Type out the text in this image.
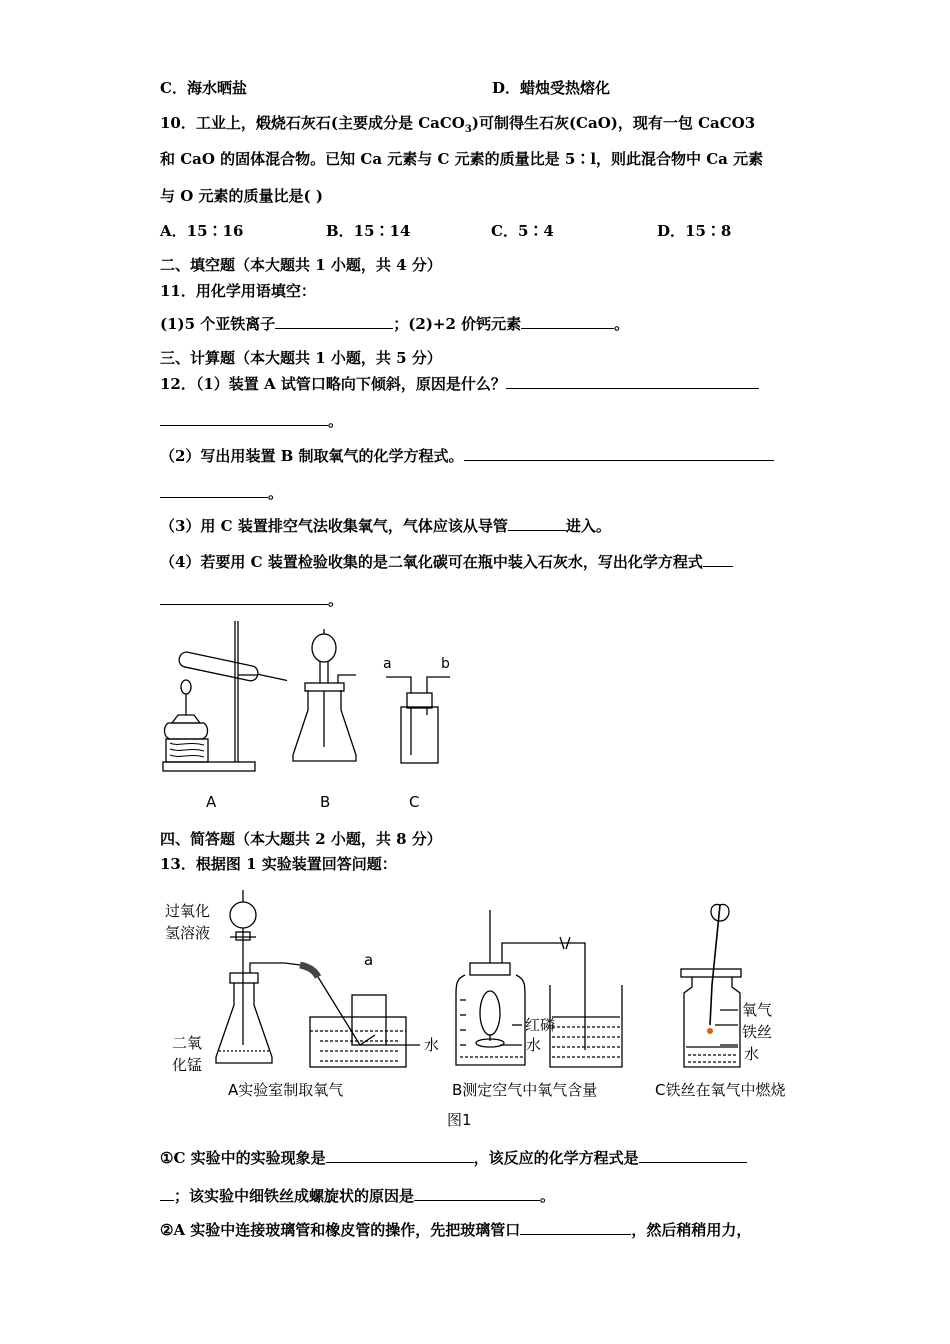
C．海水晒盐	D．蜡烛受热熔化
10．工业上，煅烧石灰石(主要成分是 CaCO$_3$)可制得生石灰(CaO)，现有一包 CaCO3
和 CaO 的固体混合物。已知 Ca 元素与 C 元素的质量比是 5∶l，则此混合物中 Ca 元素
与 O 元素的质量比是( )
A．15∶16	B．15∶14	C．5∶4	D．15∶8
二、填空题（本大题共 1 小题，共 4 分）
11．用化学用语填空：
(1)5 个亚铁离子	；(2)+2 价钙元素	。
三、计算题（本大题共 1 小题，共 5 分）
12．（1）装置 A 试管口略向下倾斜，原因是什么？
。
（2）写出用装置 B 制取氧气的化学方程式。
。
（3）用 C 装置排空气法收集氧气，气体应该从导管	进入。
（4）若要用 C 装置检验收集的是二氧化碳可在瓶中装入石灰水，写出化学方程式
。
a	b
A	B	C
四、简答题（本大题共 2 小题，共 8 分）
13．根据图 1 实验装置回答问题：
过氧化
氢溶液
二氧
化锰
a
水
红磷
水
氧气
铁丝
水
A实验室制取氧气	B测定空气中氧气含量	C铁丝在氧气中燃烧
图1
①C 实验中的实验现象是	，该反应的化学方程式是
；该实验中细铁丝成螺旋状的原因是	。
②A 实验中连接玻璃管和橡皮管的操作，先把玻璃管口	，然后稍稍用力，
